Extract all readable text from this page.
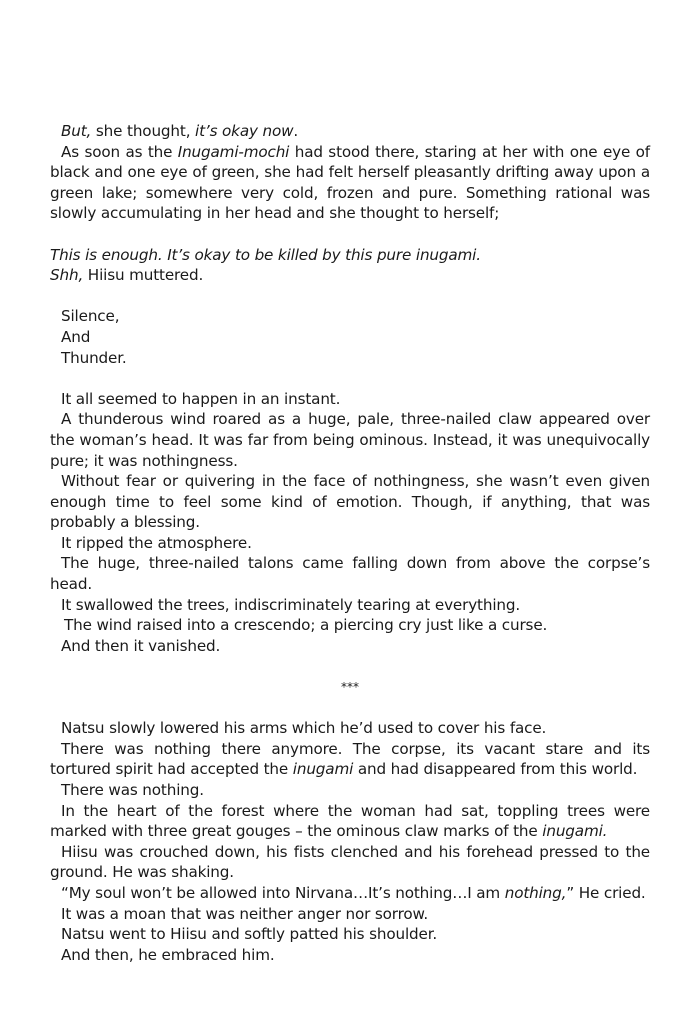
But, she thought, it’s okay now.

As soon as the Inugami-mochi had stood there, staring at her with one eye of black and one eye of green, she had felt herself pleasantly drifting away upon a green lake; somewhere very cold, frozen and pure. Something rational was slowly accumulating in her head and she thought to herself;

This is enough. It’s okay to be killed by this pure inugami.

Shh, Hiisu muttered.

Silence,

And

Thunder.

It all seemed to happen in an instant.

A thunderous wind roared as a huge, pale, three-nailed claw appeared over the woman’s head. It was far from being ominous. Instead, it was unequivocally pure; it was nothingness.

Without fear or quivering in the face of nothingness, she wasn’t even given enough time to feel some kind of emotion. Though, if anything, that was probably a blessing.

It ripped the atmosphere.

The huge, three-nailed talons came falling down from above the corpse’s head.

It swallowed the trees, indiscriminately tearing at everything.

The wind raised into a crescendo; a piercing cry just like a curse.

And then it vanished.

***

Natsu slowly lowered his arms which he’d used to cover his face.

There was nothing there anymore. The corpse, its vacant stare and its tortured spirit had accepted the inugami and had disappeared from this world.

There was nothing.

In the heart of the forest where the woman had sat, toppling trees were marked with three great gouges – the ominous claw marks of the inugami.

Hiisu was crouched down, his fists clenched and his forehead pressed to the ground. He was shaking.

“My soul won’t be allowed into Nirvana…It’s nothing…I am nothing,” He cried.

It was a moan that was neither anger nor sorrow.

Natsu went to Hiisu and softly patted his shoulder.

And then, he embraced him.
